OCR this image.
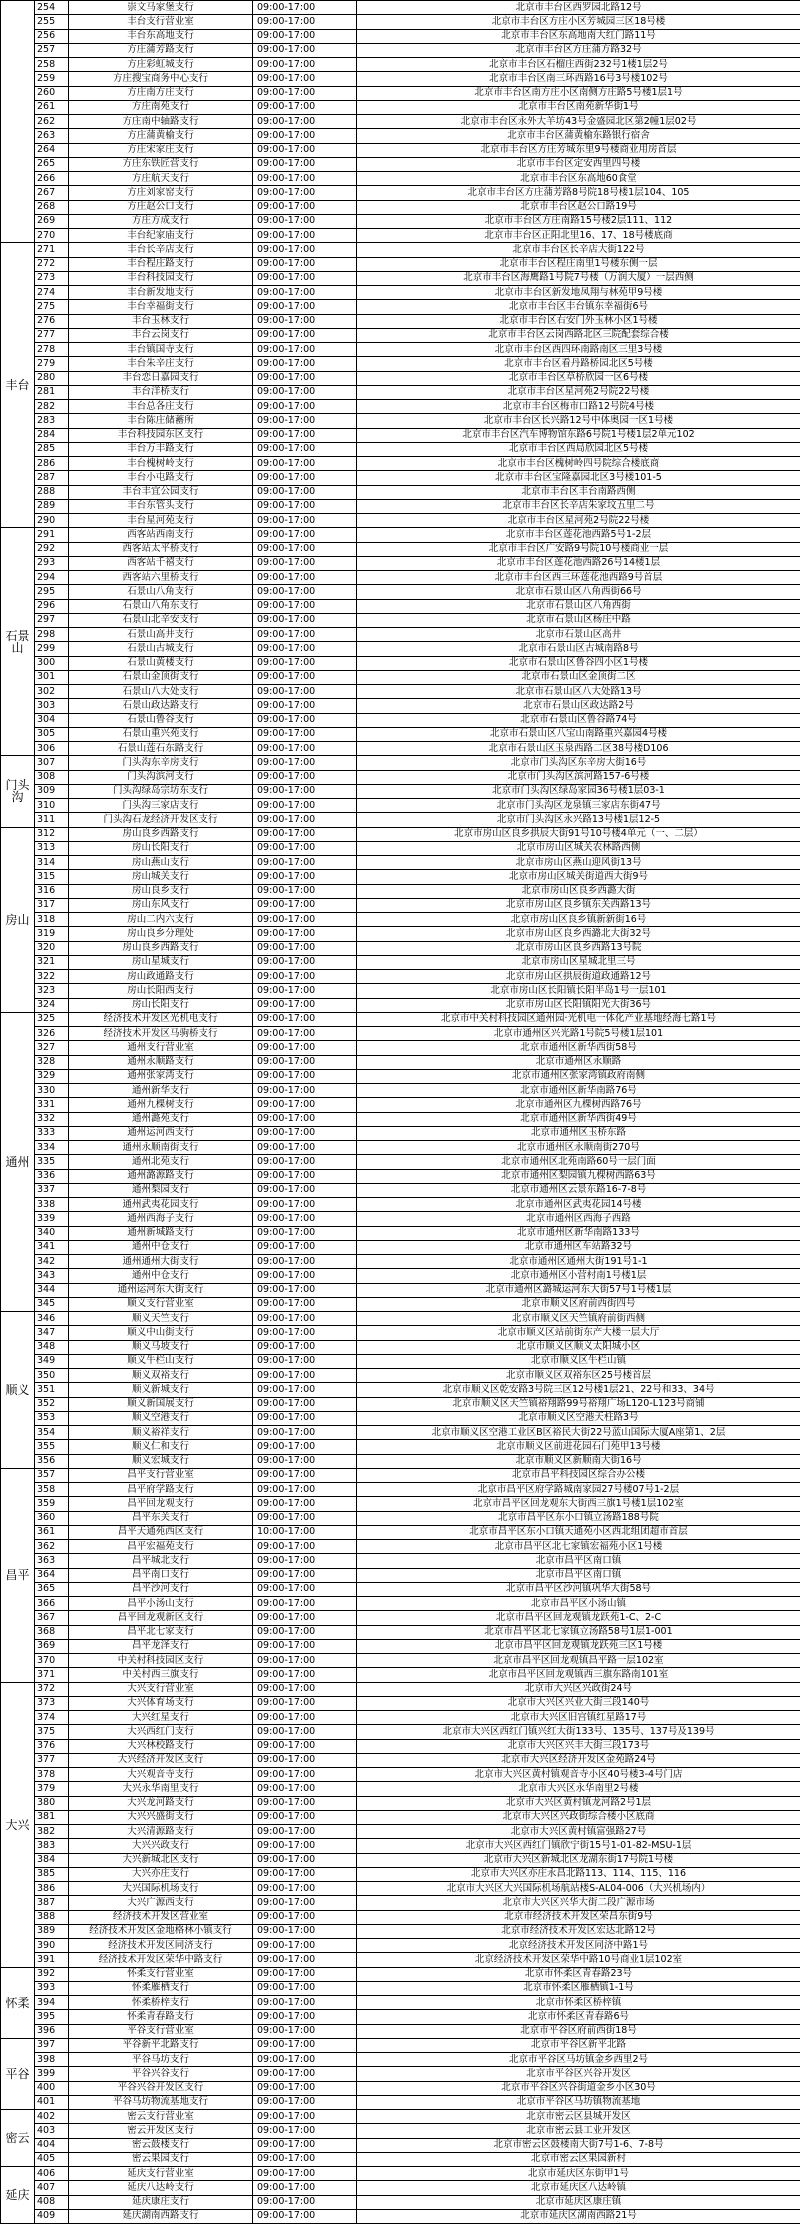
	254	崇文马家堡支行	09:00-17:00	北京市丰台区西罗园北路12号
	255	丰台支行营业室	09:00-17:00	北京市丰台区方庄小区芳城园三区18号楼
	256	丰台东高地支行	09:00-17:00	北京市丰台区东高地南大红门路11号
	257	方庄蒲芳路支行	09:00-17:00	北京市丰台区方庄蒲方路32号
	258	方庄彩虹城支行	09:00-17:00	北京市丰台区石榴庄西街232号1楼1层2号
	259	方庄搜宝商务中心支行	09:00-17:00	北京市丰台区南三环西路16号3号楼102号
	260	方庄南方庄支行	09:00-17:00	北京市丰台区南方庄小区南侧方庄路5号楼1层1号
	261	方庄南苑支行	09:00-17:00	北京市丰台区南苑新华街1号
	262	方庄南中轴路支行	09:00-17:00	北京市丰台区永外大羊坊43号金盛园北区第2幢1层02号
	263	方庄蒲黄榆支行	09:00-17:00	北京市丰台区蒲黄榆东路银行宿舍
	264	方庄宋家庄支行	09:00-17:00	北京市丰台区方庄芳城东里9号楼商业用房首层
	265	方庄东铁匠营支行	09:00-17:00	北京市丰台区定安西里四号楼
	266	方庄航天支行	09:00-17:00	北京市丰台区东高地60食堂
	267	方庄刘家窑支行	09:00-17:00	北京市丰台区方庄蒲芳路8号院18号楼1层104、105
	268	方庄赵公口支行	09:00-17:00	北京市丰台区赵公口路19号
	269	方庄方成支行	09:00-17:00	北京市丰台区方庄南路15号楼2层111、112
	270	丰台纪家庙支行	09:00-17:00	北京市丰台区正阳北里16、17、18号楼底商
丰台	271	丰台长辛店支行	09:00-17:00	北京市丰台区长辛店大街122号
	272	丰台程庄路支行	09:00-17:00	北京市丰台区程庄南里1号楼东侧一层
	273	丰台科技园支行	09:00-17:00	北京市丰台区海鹰路1号院7号楼（万润大厦）一层西侧
	274	丰台新发地支行	09:00-17:00	北京市丰台区新发地凤翔与林苑甲9号楼
	275	丰台幸福街支行	09:00-17:00	北京市丰台区丰台镇东幸福街6号
	276	丰台玉林支行	09:00-17:00	北京市丰台区右安门外玉林小区1号楼
	277	丰台云岗支行	09:00-17:00	北京市丰台区云岗西路北区三院配套综合楼
	278	丰台镇国寺支行	09:00-17:00	北京市丰台区西四环南路南区三里3号楼
	279	丰台朱辛庄支行	09:00-17:00	北京市丰台区看丹路桥园北区5号楼
	280	丰台恋日嘉园支行	09:00-17:00	北京市丰台区草桥欣园一区6号楼
	281	丰台洋桥支行	09:00-17:00	北京市丰台区星河苑2号院22号楼
	282	丰台总各庄支行	09:00-17:00	北京市丰台区梅市口路12号院4号楼
	283	丰台陈庄储蓄所	09:00-17:00	北京市丰台区长兴路12号中体奥园一区1号楼
	284	丰台科技园东区支行	09:00-17:00	北京市丰台区汽车博物馆东路6号院1号楼1层2单元102
	285	丰台万丰路支行	09:00-17:00	北京市丰台区西局欣园北区5号楼
	286	丰台槐树岭支行	09:00-17:00	北京市丰台区槐树岭四号院综合楼底商
	287	丰台小屯路支行	09:00-17:00	北京市丰台区宝隆嘉园北区3号楼101-5
	288	丰台丰宜公园支行	09:00-17:00	北京市丰台区丰台南路西侧
	289	丰台东管头支行	09:00-17:00	北京市丰台区长辛店朱家坟五里二号
	290	丰台星河苑支行	09:00-17:00	北京市丰台区星河苑2号院22号楼
石景山	291	西客站西南支行	09:00-17:00	北京市丰台区莲花池西路5号1-2层
	292	西客站太平桥支行	09:00-17:00	北京市丰台区广安路9号院10号楼商业一层
	293	西客站千禧支行	09:00-17:00	北京市丰台区莲花池西路26号14楼1层
	294	西客站六里桥支行	09:00-17:00	北京市丰台区西三环莲花池西路9号首层
	295	石景山八角支行	09:00-17:00	北京市石景山区八角西街66号
	296	石景山八角东支行	09:00-17:00	北京市石景山区八角西街
	297	石景山北辛安支行	09:00-17:00	北京市石景山区杨庄中路
	298	石景山高井支行	09:00-17:00	北京市石景山区高井
	299	石景山古城支行	09:00-17:00	北京市石景山区古城南路8号
	300	石景山黄楼支行	09:00-17:00	北京市石景山区鲁谷四小区1号楼
	301	石景山金顶街支行	09:00-17:00	北京市石景山区金顶街二区
	302	石景山八大处支行	09:00-17:00	北京市石景山区八大处路13号
	303	石景山政达路支行	09:00-17:00	北京市石景山区政达路2号
	304	石景山鲁谷支行	09:00-17:00	北京市石景山区鲁谷路74号
	305	石景山重兴苑支行	09:00-17:00	北京市石景山区八宝山南路重兴嘉园4号楼
	306	石景山莲石东路支行	09:00-17:00	北京市石景山区玉泉西路二区38号楼D106
门头沟	307	门头沟东辛房支行	09:00-17:00	北京市门头沟区东辛房大街16号
	308	门头沟滨河支行	09:00-17:00	北京市门头沟区滨河路157-6号楼
	309	门头沟绿岛宗坊东支行	09:00-17:00	北京市门头沟区绿岛家园36号楼1层03-1
	310	门头沟三家店支行	09:00-17:00	北京市门头沟区龙泉镇三家店东街47号
	311	门头沟石龙经济开发区支行	09:00-17:00	北京市门头沟区永兴路13号楼1层12-5
房山	312	房山良乡西路支行	09:00-17:00	北京市房山区良乡拱辰大街91号10号楼4单元（一、二层）
	313	房山长阳支行	09:00-17:00	北京市房山区城关农林路西侧
	314	房山燕山支行	09:00-17:00	北京市房山区燕山迎风街13号
	315	房山城关支行	09:00-17:00	北京市房山区城关街道西大街9号
	316	房山良乡支行	09:00-17:00	北京市房山区良乡西潞大街
	317	房山东风支行	09:00-17:00	北京市房山区良乡镇东关西路13号
	318	房山二内六支行	09:00-17:00	北京市房山区良乡镇新新街16号
	319	房山良乡分理处	09:00-17:00	北京市房山区良乡西潞北大街32号
	320	房山良乡西路支行	09:00-17:00	北京市房山区良乡西路13号院
	321	房山星城支行	09:00-17:00	北京市房山区星城北里三号
	322	房山政通路支行	09:00-17:00	北京市房山区拱辰街道政通路12号
	323	房山长阳西支行	09:00-17:00	北京市房山区长阳镇长阳半岛1号一层101
	324	房山长阳支行	09:00-17:00	北京市房山区长阳镇阳光大街36号
通州	325	经济技术开发区光机电支行	09:00-17:00	北京市中关村科技园区通州园·光机电一体化产业基地经海七路1号
	326	经济技术开发区马驹桥支行	09:00-17:00	北京市通州区兴光路1号院5号楼1层101
	327	通州支行营业室	09:00-17:00	北京市通州区新华西街58号
	328	通州永顺路支行	09:00-17:00	北京市通州区永顺路
	329	通州张家湾支行	09:00-17:00	北京市通州区张家湾镇政府南侧
	330	通州新华支行	09:00-17:00	北京市通州区新华南路76号
	331	通州九棵树支行	09:00-17:00	北京市通州区九棵树西路76号
	332	通州潞苑支行	09:00-17:00	北京市通州区新华西街49号
	333	通州运河西支行	09:00-17:00	北京市通州区玉桥东路
	334	通州永顺南街支行	09:00-17:00	北京市通州区永顺南街270号
	335	通州北苑支行	09:00-17:00	北京市通州区北苑南路60号一层门面
	336	通州潞源路支行	09:00-17:00	北京市通州区梨园镇九棵树西路63号
	337	通州梨园支行	09:00-17:00	北京市通州区云景东路16-7-8号
	338	通州武夷花园支行	09:00-17:00	北京市通州区武夷花园14号楼
	339	通州西海子支行	09:00-17:00	北京市通州区西海子西路
	340	通州新城路支行	09:00-17:00	北京市通州区新华南路133号
	341	通州中仓支行	09:00-17:00	北京市通州区车站路32号
	342	通州通州大街支行	09:00-17:00	北京市通州区通州大街191号1-1
	343	通州中仓支行	09:00-17:00	北京市通州区小营村南1号楼1层
	344	通州运河东大街支行	09:00-17:00	北京市通州区潞城运河东大街57号1号楼1层
	345	顺义支行营业室	09:00-17:00	北京市顺义区府前西街四号
顺义	346	顺义天竺支行	09:00-17:00	北京市顺义区天竺镇府前街西侧
	347	顺义中山街支行	09:00-17:00	北京市顺义区站前街东产大楼一层大厅
	348	顺义马坡支行	09:00-17:00	北京市顺义区顺义太阳城小区
	349	顺义牛栏山支行	09:00-17:00	北京市顺义区牛栏山镇
	350	顺义双裕支行	09:00-17:00	北京市顺义区双裕东区25号楼首层
	351	顺义新城支行	09:00-17:00	北京市顺义区乾安路3号院三区12号楼1层21、22号和33、34号
	352	顺义新国展支行	09:00-17:00	北京市顺义区天竺镇裕翔路99号裕翔广场L120-L123号商铺
	353	顺义空港支行	09:00-17:00	北京市顺义区空港天柱路3号
	354	顺义裕祥支行	09:00-17:00	北京市顺义区空港工业区B区裕民大街22号蓝山国际大厦A座第1、2层
	355	顺义仁和支行	09:00-17:00	北京市顺义区前进花园石门苑甲13号楼
	356	顺义宏城支行	09:00-17:00	北京市顺义区新顺南大街16号
昌平	357	昌平支行营业室	09:00-17:00	北京市昌平科技园区综合办公楼
	358	昌平府学路支行	09:00-17:00	北京市昌平区府学路城南家园27号楼07号1-2层
	359	昌平回龙观支行	09:00-17:00	北京市昌平区回龙观东大街西三旗1号楼1层102室
	360	昌平东关支行	09:00-17:00	北京市昌平区东小口镇立汤路188号院
	361	昌平天通苑西区支行	10:00-17:00	北京市昌平区东小口镇天通苑小区西北组团超市首层
	362	昌平宏福苑支行	09:00-17:00	北京市昌平区北七家镇宏福苑小区1号楼
	363	昌平城北支行	09:00-17:00	北京市昌平区南口镇
	364	昌平南口支行	09:00-17:00	北京市昌平区南口镇
	365	昌平沙河支行	09:00-17:00	北京市昌平区沙河镇巩华大街58号
	366	昌平小汤山支行	09:00-17:00	北京市昌平区小汤山镇
	367	昌平回龙观新区支行	09:00-17:00	北京市昌平区回龙观镇龙跃苑1-C、2-C
	368	昌平北七家支行	09:00-17:00	北京市昌平区北七家镇立汤路58号1层1-001
	369	昌平龙泽支行	09:00-17:00	北京市昌平区回龙观镇龙跃苑三区1号楼
	370	中关村科技园区支行	09:00-17:00	北京市昌平区回龙观镇昌平路一层102室
	371	中关村西三旗支行	09:00-17:00	北京市昌平区回龙观镇西三旗东路南101室
大兴	372	大兴支行营业室	09:00-17:00	北京市大兴区兴政街24号
	373	大兴体育场支行	09:00-17:00	北京市大兴区兴业大街三段140号
	374	大兴红星支行	09:00-17:00	北京市大兴区旧宫镇红星路17号
	375	大兴西红门支行	09:00-17:00	北京市大兴区西红门镇兴红大街133号、135号、137号及139号
	376	大兴林校路支行	09:00-17:00	北京市大兴区兴丰大街三段173号
	377	大兴经济开发区支行	09:00-17:00	北京市大兴区经济开发区金苑路24号
	378	大兴观音寺支行	09:00-17:00	北京市大兴区黄村镇观音寺小区40号楼3-4号门店
	379	大兴永华南里支行	09:00-17:00	北京市大兴区永华南里2号楼
	380	大兴龙河路支行	09:00-17:00	北京市大兴区黄村镇龙河路2号1层
	381	大兴兴盛街支行	09:00-17:00	北京市大兴区兴政街综合楼小区底商
	382	大兴清源路支行	09:00-17:00	北京市大兴区黄村镇富强路27号
	383	大兴兴政支行	09:00-17:00	北京市大兴区西红门镇欣宁街15号1-01-82-MSU-1层
	384	大兴新城北区支行	09:00-17:00	北京市大兴区新城北区龙湖东街17号院1号楼
	385	大兴亦庄支行	09:00-17:00	北京市大兴区亦庄永昌北路113、114、115、116
	386	大兴国际机场支行	09:00-17:00	北京市大兴区大兴国际机场航站楼S-AL04-006（大兴机场内）
	387	大兴广源西支行	09:00-17:00	北京市大兴区兴华大街二段广源市场
	388	经济技术开发区营业室	09:00-17:00	北京市经济技术开发区荣昌东街9号
	389	经济技术开发区金地格林小镇支行	09:00-17:00	北京市经济技术开发区宏达北路12号
	390	经济技术开发区同济支行	09:00-17:00	北京经济技术开发区同济中路1号
	391	经济技术开发区荣华中路支行	09:00-17:00	北京经济技术开发区荣华中路10号商业1层102室
怀柔	392	怀柔支行营业室	09:00-17:00	北京市怀柔区青春路23号
	393	怀柔雁栖支行	09:00-17:00	北京市怀柔区雁栖镇1-1号
	394	怀柔桥梓支行	09:00-17:00	北京市怀柔区桥梓镇
	395	怀柔青春路支行	09:00-17:00	北京市怀柔区青春路6号
	396	平谷支行营业室	09:00-17:00	北京市平谷区府前西街18号
平谷	397	平谷新平北路支行	09:00-17:00	北京市平谷区新平北路
	398	平谷马坊支行	09:00-17:00	北京市平谷区马坊镇金乡西里2号
	399	平谷兴谷支行	09:00-17:00	北京市平谷区兴谷开发区
	400	平谷兴谷开发区支行	09:00-17:00	北京市平谷区兴谷街道金乡小区30号
	401	平谷马坊物流基地支行	09:00-17:00	北京市平谷区马坊镇物流基地
密云	402	密云支行营业室	09:00-17:00	北京市密云区县城开发区
	403	密云开发区支行	09:00-17:00	北京市密云县工业开发区
	404	密云鼓楼支行	09:00-17:00	北京市密云区鼓楼南大街7号1-6、7-8号
	405	密云果园支行	09:00-17:00	北京市密云区果园新村
延庆	406	延庆支行营业室	09:00-17:00	北京市延庆区东街甲1号
	407	延庆八达岭支行	09:00-17:00	北京市延庆区八达岭镇
	408	延庆康庄支行	09:00-17:00	北京市延庆区康庄镇
	409	延庆湖南西路支行	09:00-17:00	北京市延庆区湖南西路21号
